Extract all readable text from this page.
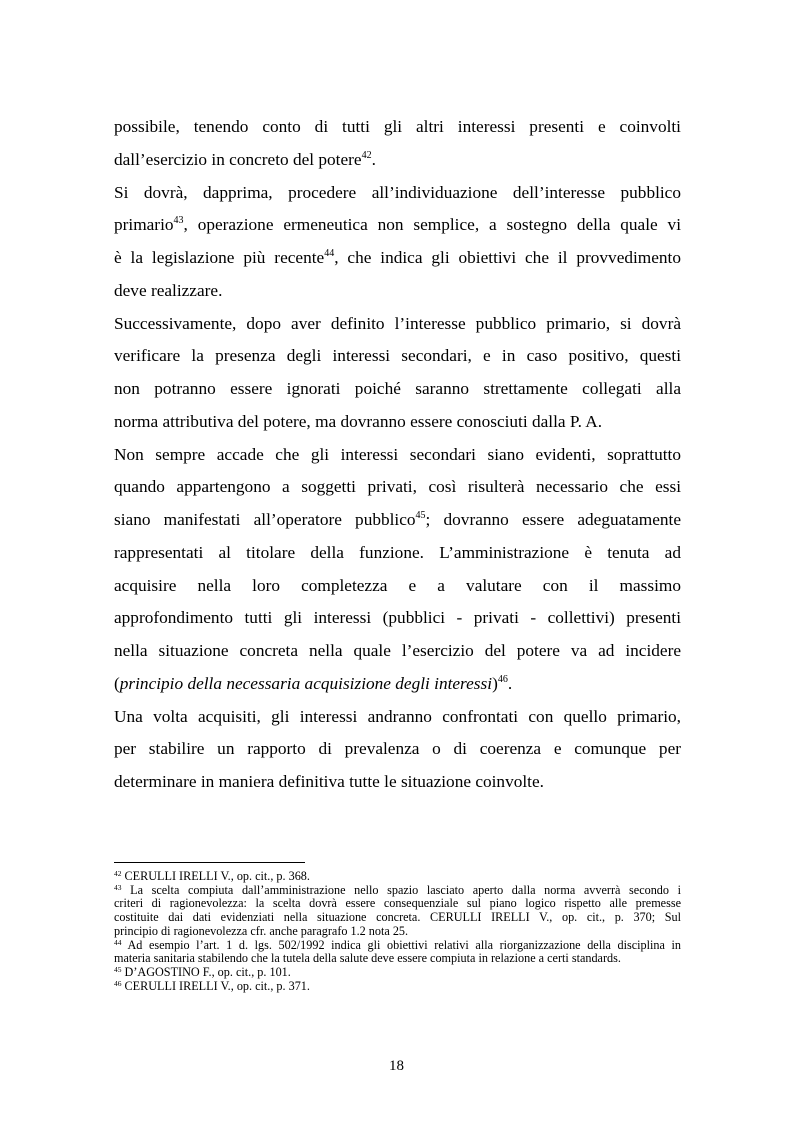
possibile, tenendo conto di tutti gli altri interessi presenti e coinvolti
dall’esercizio in concreto del potere$^{42}$.
Si dovrà, dapprima, procedere all’individuazione dell’interesse pubblico
primario$^{43}$, operazione ermeneutica non semplice, a sostegno della quale vi
è la legislazione più recente$^{44}$, che indica gli obiettivi che il provvedimento
deve realizzare.
Successivamente, dopo aver definito l’interesse pubblico primario, si dovrà
verificare la presenza degli interessi secondari, e in caso positivo, questi
non potranno essere ignorati poiché saranno strettamente collegati alla
norma attributiva del potere, ma dovranno essere conosciuti dalla P. A.
Non sempre accade che gli interessi secondari siano evidenti, soprattutto
quando appartengono a soggetti privati, così risulterà necessario che essi
siano manifestati all’operatore pubblico$^{45}$; dovranno essere adeguatamente
rappresentati al titolare della funzione. L’amministrazione è tenuta ad
acquisire nella loro completezza e a valutare con il massimo
approfondimento tutti gli interessi (pubblici - privati - collettivi) presenti
nella situazione concreta nella quale l’esercizio del potere va ad incidere
(principio della necessaria acquisizione degli interessi)$^{46}$.
Una volta acquisiti, gli interessi andranno confrontati con quello primario,
per stabilire un rapporto di prevalenza o di coerenza e comunque per
determinare in maniera definitiva tutte le situazione coinvolte.
$^{42}$ CERULLI IRELLI V., op. cit., p. 368.
$^{43}$ La scelta compiuta dall’amministrazione nello spazio lasciato aperto dalla norma avverrà secondo i
criteri di ragionevolezza: la scelta dovrà essere consequenziale sul piano logico rispetto alle premesse
costituite dai dati evidenziati nella situazione concreta. CERULLI IRELLI V., op. cit., p. 370; Sul
principio di ragionevolezza cfr. anche paragrafo 1.2 nota 25.
$^{44}$ Ad esempio l’art. 1 d. lgs. 502/1992 indica gli obiettivi relativi alla riorganizzazione della disciplina in
materia sanitaria stabilendo che la tutela della salute deve essere compiuta in relazione a certi standards.
$^{45}$ D’AGOSTINO F., op. cit., p. 101.
$^{46}$ CERULLI IRELLI V., op. cit., p. 371.
18
